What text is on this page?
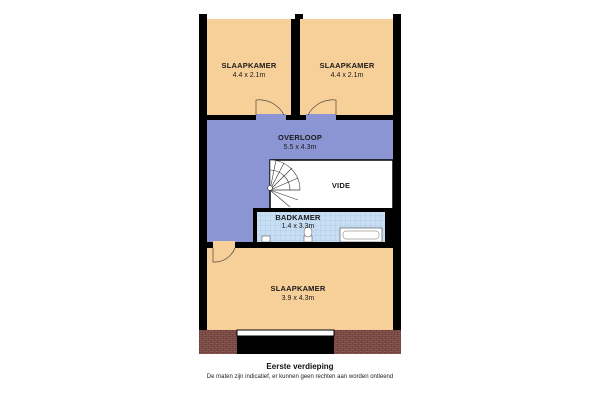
SLAAPKAMER
4.4 x 2.1m
SLAAPKAMER
4.4 x 2.1m
OVERLOOP
5.5 x 4.3m
VIDE
BADKAMER
1.4 x 3.3m
SLAAPKAMER
3.9 x 4.3m
Eerste verdieping
De maten zijn indicatief, er kunnen geen rechten aan worden ontleend
